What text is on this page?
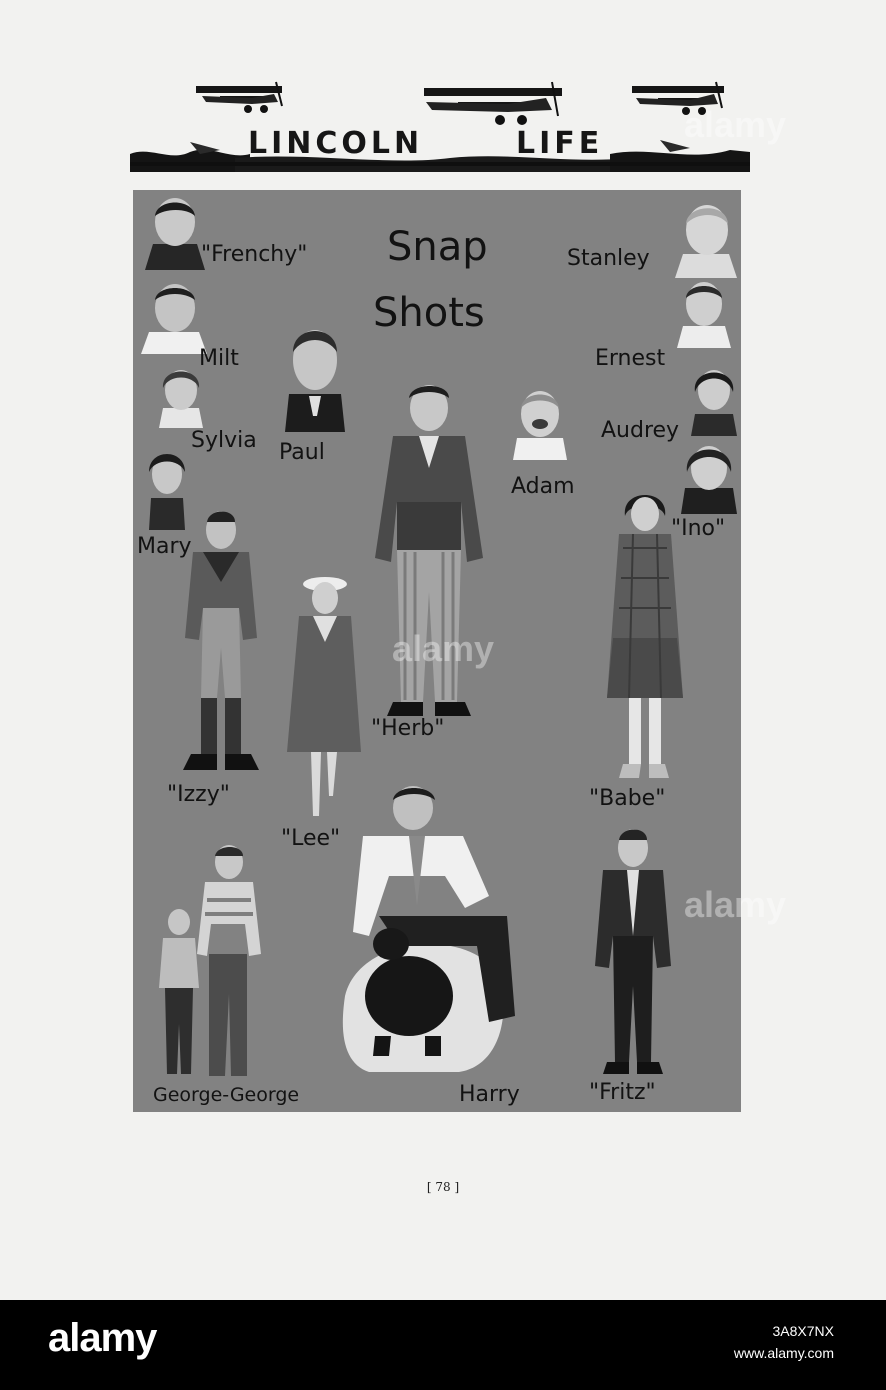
LINCOLN	LIFE
Snap
Shots
"Frenchy"	Stanley
Milt	Ernest
Sylvia Paul
Audrey
Adam
"Ino"
Mary
"Izzy"
"Lee"
"Herb"
"Babe"
George-George	Harry	"Fritz"
[ 78 ]
alamy
alamy
alamy
alamy	3A8X7NX
www.alamy.com
